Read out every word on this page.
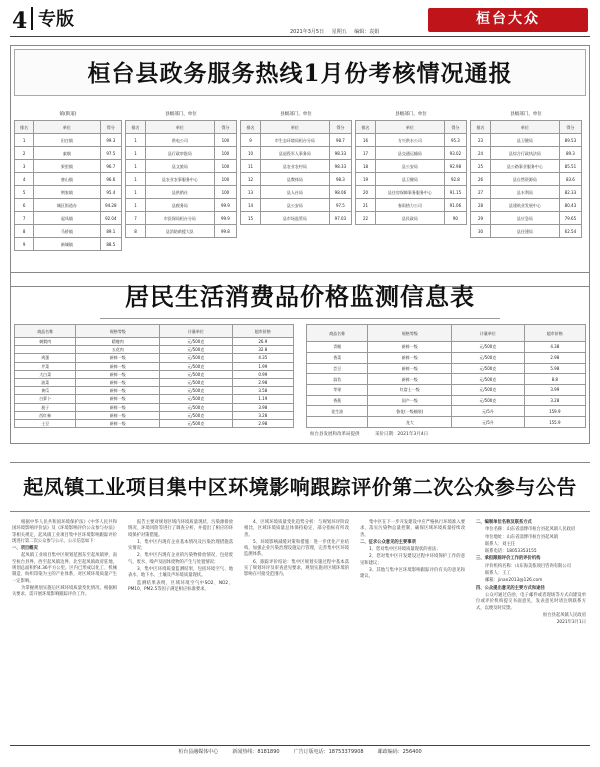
4 专版
2021年3月5日 星期五 编辑：袁娟
桓台大众
桓台县政务服务热线1月份考核情况通报
镇(街道)
排名	单位	得分
1	田庄镇	99.3
2	索镇	97.5
3	果里镇	96.7
4	唐山镇	96.6
5	荆家镇	95.4
6	城区街道办	94.28
7	起凤镇	92.04
8	马桥镇	89.1
9	新城镇	88.5
县级部门、单位
排名	单位	得分
1	供电公司	100
1	县行政审批局	100
1	县文旅局	100
1	县农业农事服务中心	100
1	县供销社	100
1	县税务局	99.9
7	市医保局桓台分局	99.9
8	县消防救援大队	99.8
县级部门、单位
排名	单位	得分
9	市生态环境局桓台分局	98.7
10	县退役军人事务局	98.33
11	县农业农村局	98.33
12	县教体局	98.3
13	县人社局	98.06
14	县公安局	97.5
15	县市场监管局	97.03
县级部门、单位
排名	单位	得分
16	方兴供水公司	95.3
17	县交通运输局	93.02
18	县公安局	92.98
19	县卫健局	92.8
20	县住房保障事务服务中心	91.15
21	春雨热力公司	91.06
22	县民政局	90
县级部门、单位
排名	单位	得分
23	县卫健局	89.53
24	县综合行政执法局	89.3
25	县公路事业服务中心	85.51
26	县自然资源局	83.6
27	县水利局	82.33
28	县建筑业发展中心	80.43
29	县应急局	79.65
30	县住建局	62.54
居民生活消费品价格监测信息表
商品名称	规格等级	计量单位	超市价格
刺猬肉	精瘦肉	元/500克	26.9
	五花肉	元/500克	32.8
鸡蛋	新鲜一级	元/500克	4.35
芹菜	新鲜一级	元/500克	1.99
大白菜	新鲜一级	元/500克	0.99
油菜	新鲜一级	元/500克	2.98
黄瓜	新鲜一级	元/500克	3.58
白萝卜	新鲜一级	元/500克	1.19
茄子	新鲜一级	元/500克	3.98
西红柿	新鲜一级	元/500克	3.28
土豆	新鲜一级	元/500克	2.98
商品名称	规格等级	计量单位	超市价格
青椒	新鲜一级	元/500克	4.38
香菜	新鲜一级	元/500克	2.98
芸豆	新鲜一级	元/500克	5.98
蒜苔	新鲜一级	元/500克	8.8
苹果	红富士一级	元/500克	3.99
香蕉	国产一级	元/500克	3.28
花生油	鲁花(一级桶装)	元/5升	159.9
	龙大	元/5升	155.9
桓台县发展和改革局提供	采价日期：2021年3月4日
起凤镇工业项目集中区环境影响跟踪评价第二次公众参与公告

根据中华人民共和国环境保护法》《中华人民共和国环境影响评价法》及《环境影响评价公众参与办法》等相关规定，起凤镇工业项目集中区环境影响跟踪评价现进行第二次公众参与公示，公示信息如下：

一、项目概况

起凤镇工业项目集中区规划范围东至起凤镇界，南至桓台县界，西至起凤镇边界，北至起凤镇政府驻地，规划总面积约4.36平方公里。区内已形成以化工、机械制造、纺织印染为主的产业体系，对区域环境质量产生一定影响。

为掌握规划实施后区域环境质量变化情况，根据相关要求，需开展环境影响跟踪评价工作。

报告主要对规划区域内环境质量现状、污染源排放情况、环境风险等进行了调查分析，并提出了相应的环境保护对策措施。

1、集中区内现有企业基本情况及污染治理措施落实情况；

2、集中区内现有企业的污染物排放情况，包括废气、废水、噪声及固体废物的产生与处置情况；

3、集中区环境质量监测结果，包括环境空气、地表水、地下水、土壤及声环境质量现状。

监测结果表明，区域环境空气中SO2、NO2、PM10、PM2.5等因子满足相应标准要求。

4、区域环境质量变化趋势分析：与规划环评阶段相比，区域环境质量总体保持稳定，部分指标有所改善。

5、环境影响减缓对策和措施：进一步优化产业结构，加强企业污染治理设施运行管理，完善集中区环境监测体系。

6、跟踪评价结论：集中区规划实施过程中基本落实了规划环评及审查意见要求，规划实施对区域环境的影响在可接受范围内。

集中区在下一步开发建设中应严格执行环境准入要求，落实污染物总量控制，确保区域环境质量持续改善。

二、征求公众意见的主要事项

1、您对集中区环境质量现状的看法；

2、您对集中区开发建设过程中环境保护工作的意见和建议；

3、其他与集中区环境影响跟踪评价有关的意见和建议。

二、编制单位名称及联系方式

单位名称：山东省淄博市桓台县起凤镇人民政府

单位地址：山东省淄博市桓台县起凤镇

联系人：刘主任

联系电话：18053353155

三、承担跟踪评价工作的评价机构

评价机构名称：山东海美侬项目咨询有限公司

联系人：王工

邮箱：jinan2013@126.com

四、公众提出意见的主要方式和途径

公众可通过信函、电子邮件或者现场等方式向建设单位或评价机构提交书面意见，发表意见时请注明联系方式，以便及时反馈。

桓台县起凤镇人民政府

2021年3月1日

桓台县融媒体中心	新闻热线：8181890	广告订版电话：18753379908	邮政编码：256400
